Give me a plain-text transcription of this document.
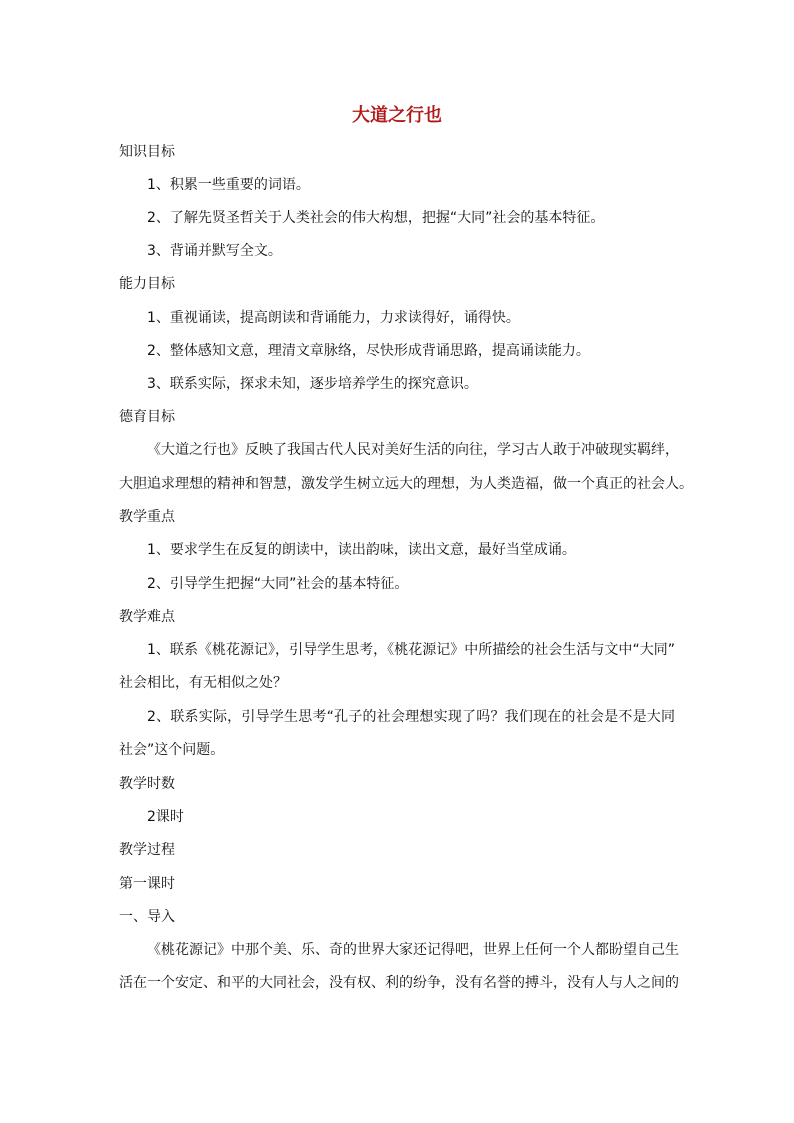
大道之行也
知识目标
1、积累一些重要的词语。
2、了解先贤圣哲关于人类社会的伟大构想，把握“大同”社会的基本特征。
3、背诵并默写全文。
能力目标
1、重视诵读，提高朗读和背诵能力，力求读得好，诵得快。
2、整体感知文意，理清文章脉络，尽快形成背诵思路，提高诵读能力。
3、联系实际，探求未知，逐步培养学生的探究意识。
德育目标
《大道之行也》反映了我国古代人民对美好生活的向往，学习古人敢于冲破现实羁绊，
大胆追求理想的精神和智慧，激发学生树立远大的理想，为人类造福，做一个真正的社会人。
教学重点
1、要求学生在反复的朗读中，读出韵味，读出文意，最好当堂成诵。
2、引导学生把握“大同”社会的基本特征。
教学难点
1、联系《桃花源记》，引导学生思考，《桃花源记》中所描绘的社会生活与文中“大同”
社会相比，有无相似之处？
2、联系实际，引导学生思考“孔子的社会理想实现了吗？我们现在的社会是不是大同
社会”这个问题。
教学时数
2课时
教学过程
第一课时
一、导入
《桃花源记》中那个美、乐、奇的世界大家还记得吧，世界上任何一个人都盼望自己生
活在一个安定、和平的大同社会，没有权、利的纷争，没有名誉的搏斗，没有人与人之间的
